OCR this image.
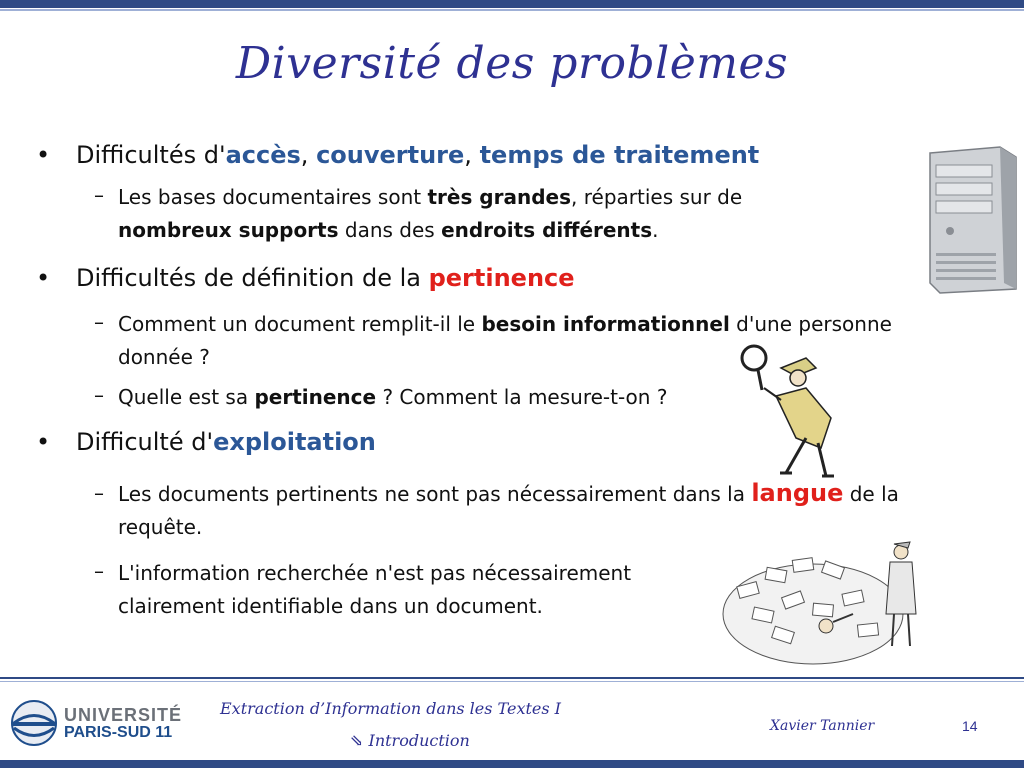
Diversité des problèmes
• Difficultés d'accès, couverture, temps de traitement
– Les bases documentaires sont très grandes, réparties sur de
nombreux supports dans des endroits différents.
• Difficultés de définition de la pertinence
– Comment un document remplit-il le besoin informationnel d'une personne
donnée ?
– Quelle est sa pertinence ? Comment la mesure-t-on ?
• Difficulté d'exploitation
– Les documents pertinents ne sont pas nécessairement dans la langue de la
requête.
– L'information recherchée n'est pas nécessairement
clairement identifiable dans un document.
UNIVERSITÉ
PARIS-SUD 11
Extraction d’Information dans les Textes I
⇘ Introduction
Xavier Tannier	14
